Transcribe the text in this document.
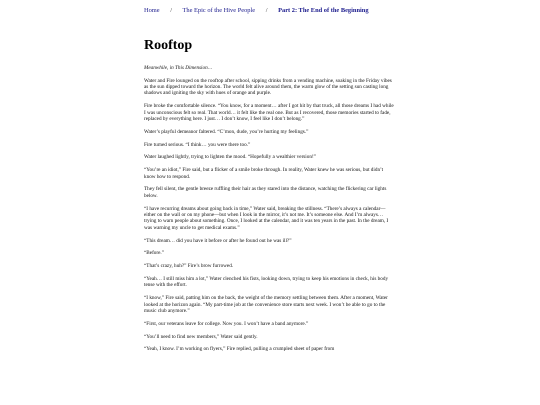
Home / The Epic of the Hive People / Part 2: The End of the Beginning
Rooftop

Meanwhile, in This Dimension…

Water and Fire lounged on the rooftop after school, sipping drinks from a vending machine, soaking in the Friday vibes as the sun dipped toward the horizon. The world felt alive around them, the warm glow of the setting sun casting long shadows and igniting the sky with hues of orange and purple.

Fire broke the comfortable silence. “You know, for a moment… after I got hit by that truck, all those dreams I had while I was unconscious felt so real. That world… it felt like the real one. But as I recovered, those memories started to fade, replaced by everything here. I just… I don’t know, I feel like I don’t belong.”

Water’s playful demeanor faltered. “C’mon, dude, you’re hurting my feelings.”

Fire turned serious. “I think… you were there too.”

Water laughed lightly, trying to lighten the mood. “Hopefully a wealthier version!”

“You’re an idiot,” Fire said, but a flicker of a smile broke through. In reality, Water knew he was serious, but didn’t know how to respond.

They fell silent, the gentle breeze ruffling their hair as they stared into the distance, watching the flickering car lights below.

“I have recurring dreams about going back in time,” Water said, breaking the stillness. “There’s always a calendar—either on the wall or on my phone—but when I look in the mirror, it’s not me. It’s someone else. And I’m always… trying to warn people about something. Once, I looked at the calendar, and it was ten years in the past. In the dream, I was warning my uncle to get medical exams.”

“This dream… did you have it before or after he found out he was ill?”

“Before.”

“That’s crazy, huh?” Fire’s brow furrowed.

“Yeah… I still miss him a lot,” Water clenched his fists, looking down, trying to keep his emotions in check, his body tense with the effort.

“I know,” Fire said, patting him on the back, the weight of the memory settling between them. After a moment, Water looked at the horizon again. “My part-time job at the convenience store starts next week. I won’t be able to go to the music club anymore.”

“First, our veterans leave for college. Now you. I won’t have a band anymore.”

“You’ll need to find new members,” Water said gently.

“Yeah, I know. I’m working on flyers,” Fire replied, pulling a crumpled sheet of paper from
